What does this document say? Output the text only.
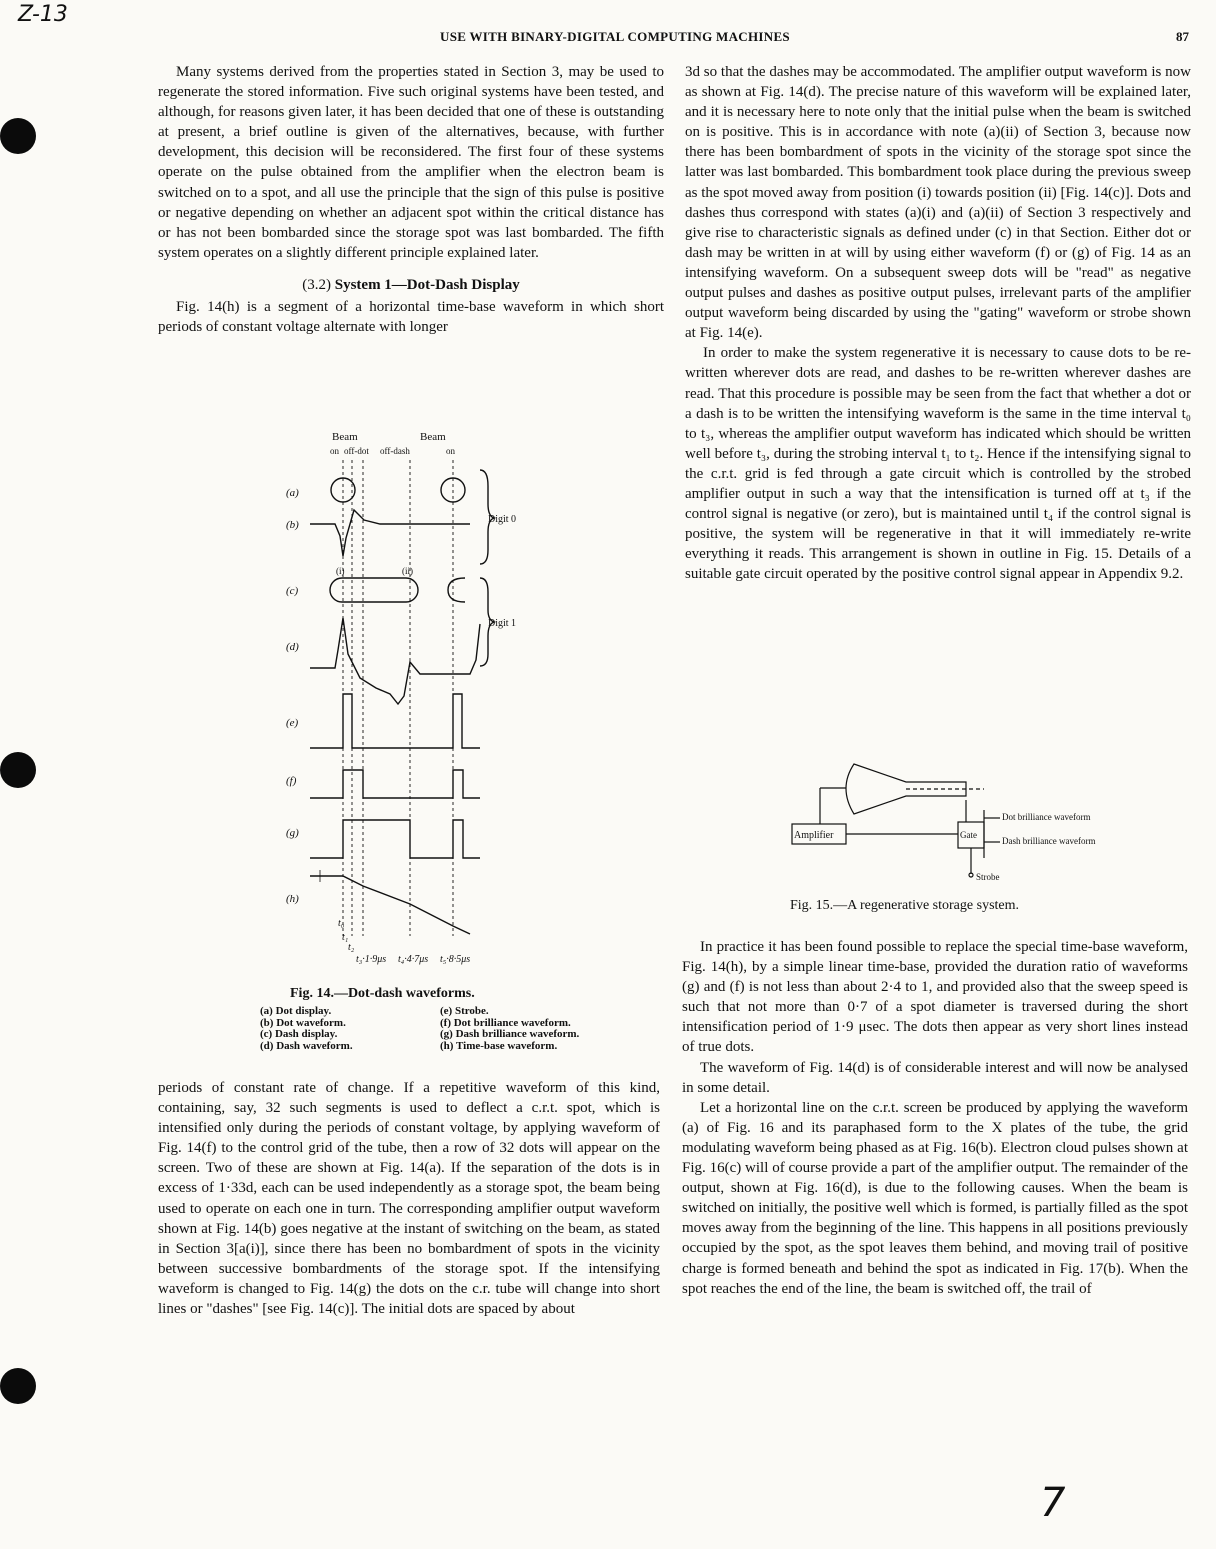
Z-13
USE WITH BINARY-DIGITAL COMPUTING MACHINES	87

Many systems derived from the properties stated in Section 3, may be used to regenerate the stored information. Five such original systems have been tested, and although, for reasons given later, it has been decided that one of these is outstanding at present, a brief outline is given of the alternatives, because, with further development, this decision will be reconsidered. The first four of these systems operate on the pulse obtained from the amplifier when the electron beam is switched on to a spot, and all use the principle that the sign of this pulse is positive or negative depending on whether an adjacent spot within the critical distance has or has not been bombarded since the storage spot was last bombarded. The fifth system operates on a slightly different principle explained later.

(3.2) System 1—Dot-Dash Display

Fig. 14(h) is a segment of a horizontal time-base waveform in which short periods of constant voltage alternate with longer

Beam	Beam
on off-dot off-dash	on
(a)
(b)
(c)
(d)
(e)
(f)
(g)
(h)
Digit 0
Digit 1
(i)	(ii)
t₀
t₁
t₂
t₃·1·9μs t₄·4·7μs t₅·8·5μs
Fig. 14.—Dot-dash waveforms.
(a) Dot display.
(b) Dot waveform.
(c) Dash display.
(d) Dash waveform.
(e) Strobe.
(f) Dot brilliance waveform.
(g) Dash brilliance waveform.
(h) Time-base waveform.

periods of constant rate of change. If a repetitive waveform of this kind, containing, say, 32 such segments is used to deflect a c.r.t. spot, which is intensified only during the periods of constant voltage, by applying waveform of Fig. 14(f) to the control grid of the tube, then a row of 32 dots will appear on the screen. Two of these are shown at Fig. 14(a). If the separation of the dots is in excess of 1·33d, each can be used independently as a storage spot, the beam being used to operate on each one in turn. The corresponding amplifier output waveform shown at Fig. 14(b) goes negative at the instant of switching on the beam, as stated in Section 3[a(i)], since there has been no bombardment of spots in the vicinity between successive bombardments of the storage spot. If the intensifying waveform is changed to Fig. 14(g) the dots on the c.r. tube will change into short lines or "dashes" [see Fig. 14(c)]. The initial dots are spaced by about

3d so that the dashes may be accommodated. The amplifier output waveform is now as shown at Fig. 14(d). The precise nature of this waveform will be explained later, and it is necessary here to note only that the initial pulse when the beam is switched on is positive. This is in accordance with note (a)(ii) of Section 3, because now there has been bombardment of spots in the vicinity of the storage spot since the latter was last bombarded. This bombardment took place during the previous sweep as the spot moved away from position (i) towards position (ii) [Fig. 14(c)]. Dots and dashes thus correspond with states (a)(i) and (a)(ii) of Section 3 respectively and give rise to characteristic signals as defined under (c) in that Section. Either dot or dash may be written in at will by using either waveform (f) or (g) of Fig. 14 as an intensifying waveform. On a subsequent sweep dots will be "read" as negative output pulses and dashes as positive output pulses, irrelevant parts of the amplifier output waveform being discarded by using the "gating" waveform or strobe shown at Fig. 14(e).

In order to make the system regenerative it is necessary to cause dots to be re-written wherever dots are read, and dashes to be re-written wherever dashes are read. That this procedure is possible may be seen from the fact that whether a dot or a dash is to be written the intensifying waveform is the same in the time interval t₀ to t₃, whereas the amplifier output waveform has indicated which should be written well before t₃, during the strobing interval t₁ to t₂. Hence if the intensifying signal to the c.r.t. grid is fed through a gate circuit which is controlled by the strobed amplifier output in such a way that the intensification is turned off at t₃ if the control signal is negative (or zero), but is maintained until t₄ if the control signal is positive, the system will be regenerative in that it will immediately re-write everything it reads. This arrangement is shown in outline in Fig. 15. Details of a suitable gate circuit operated by the positive control signal appear in Appendix 9.2.

Amplifier	Gate
Dot brilliance waveform
Dash brilliance waveform
Strobe
Fig. 15.—A regenerative storage system.

In practice it has been found possible to replace the special time-base waveform, Fig. 14(h), by a simple linear time-base, provided the duration ratio of waveforms (g) and (f) is not less than about 2·4 to 1, and provided also that the sweep speed is such that not more than 0·7 of a spot diameter is traversed during the short intensification period of 1·9 μsec. The dots then appear as very short lines instead of true dots.

The waveform of Fig. 14(d) is of considerable interest and will now be analysed in some detail.

Let a horizontal line on the c.r.t. screen be produced by applying the waveform (a) of Fig. 16 and its paraphased form to the X plates of the tube, the grid modulating waveform being phased as at Fig. 16(b). Electron cloud pulses shown at Fig. 16(c) will of course provide a part of the amplifier output. The remainder of the output, shown at Fig. 16(d), is due to the following causes. When the beam is switched on initially, the positive well which is formed, is partially filled as the spot moves away from the beginning of the line. This happens in all positions previously occupied by the spot, as the spot leaves them behind, and moving trail of positive charge is formed beneath and behind the spot as indicated in Fig. 17(b). When the spot reaches the end of the line, the beam is switched off, the trail of

7
